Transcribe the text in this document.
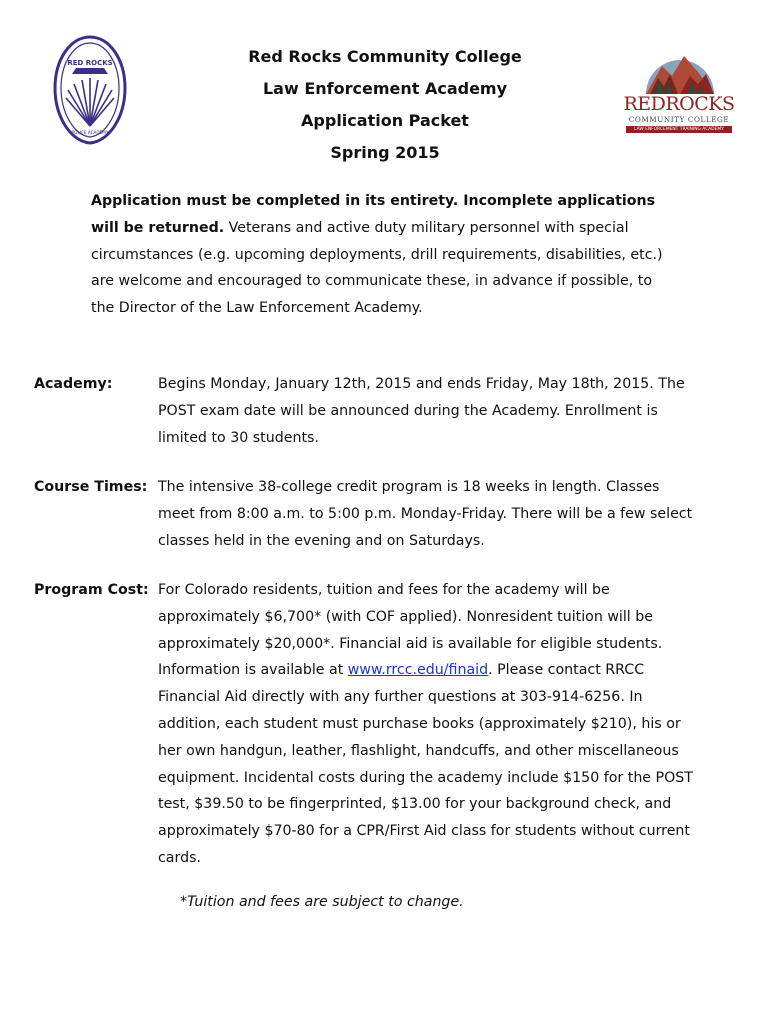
RED ROCKS
POLICE ACADEMY
Red Rocks Community College
Law Enforcement Academy
Application Packet
Spring 2015
REDROCKS
COMMUNITY COLLEGE
LAW ENFORCEMENT TRAINING ACADEMY
Application must be completed in its entirety. Incomplete applications will be returned. Veterans and active duty military personnel with special circumstances (e.g. upcoming deployments, drill requirements, disabilities, etc.) are welcome and encouraged to communicate these, in advance if possible, to the Director of the Law Enforcement Academy.
Academy:	Begins Monday, January 12th, 2015 and ends Friday, May 18th, 2015. The POST exam date will be announced during the Academy. Enrollment is limited to 30 students.
Course Times: The intensive 38-college credit program is 18 weeks in length. Classes meet from 8:00 a.m. to 5:00 p.m. Monday-Friday. There will be a few select classes held in the evening and on Saturdays.
Program Cost: For Colorado residents, tuition and fees for the academy will be approximately $6,700* (with COF applied). Nonresident tuition will be approximately $20,000*. Financial aid is available for eligible students. Information is available at www.rrcc.edu/finaid. Please contact RRCC Financial Aid directly with any further questions at 303-914-6256. In addition, each student must purchase books (approximately $210), his or her own handgun, leather, flashlight, handcuffs, and other miscellaneous equipment. Incidental costs during the academy include $150 for the POST test, $39.50 to be fingerprinted, $13.00 for your background check, and approximately $70-80 for a CPR/First Aid class for students without current cards.
*Tuition and fees are subject to change.
